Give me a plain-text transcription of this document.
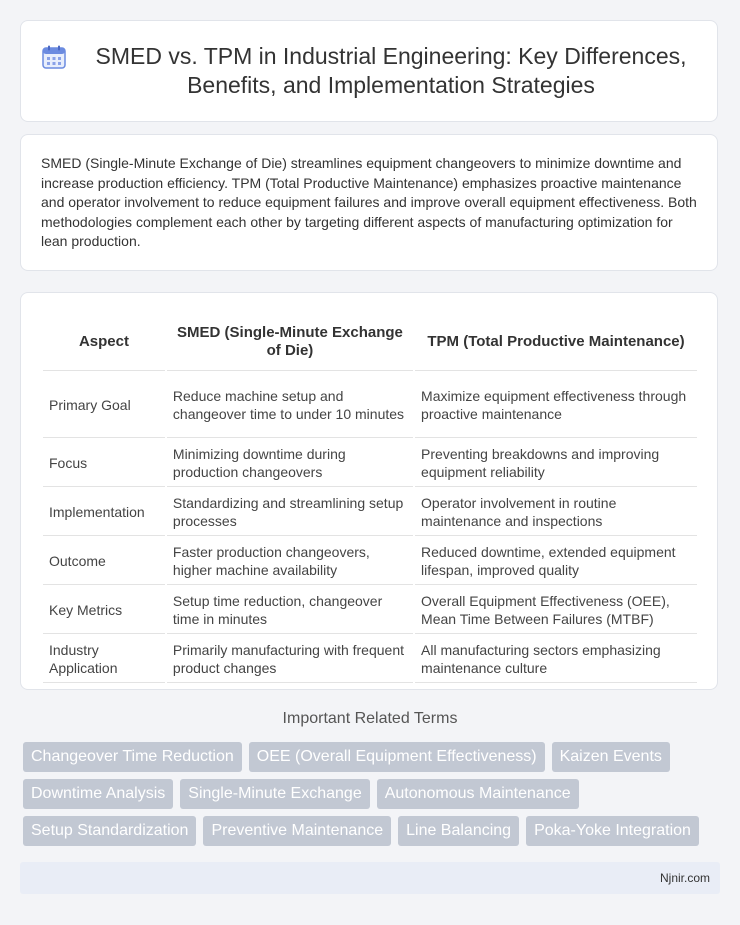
SMED vs. TPM in Industrial Engineering: Key Differences, Benefits, and Implementation Strategies

SMED (Single-Minute Exchange of Die) streamlines equipment changeovers to minimize downtime and increase production efficiency. TPM (Total Productive Maintenance) emphasizes proactive maintenance and operator involvement to reduce equipment failures and improve overall equipment effectiveness. Both methodologies complement each other by targeting different aspects of manufacturing optimization for lean production.

Aspect	SMED (Single-Minute Exchange of Die)	TPM (Total Productive Maintenance)
Primary Goal	Reduce machine setup and changeover time to under 10 minutes	Maximize equipment effectiveness through proactive maintenance
Focus	Minimizing downtime during production changeovers	Preventing breakdowns and improving equipment reliability
Implementation	Standardizing and streamlining setup processes	Operator involvement in routine maintenance and inspections
Outcome	Faster production changeovers, higher machine availability	Reduced downtime, extended equipment lifespan, improved quality
Key Metrics	Setup time reduction, changeover time in minutes	Overall Equipment Effectiveness (OEE), Mean Time Between Failures (MTBF)
Industry Application	Primarily manufacturing with frequent product changes	All manufacturing sectors emphasizing maintenance culture
Important Related Terms
Changeover Time Reduction	OEE (Overall Equipment Effectiveness)	Kaizen Events
Downtime Analysis	Single-Minute Exchange	Autonomous Maintenance
Setup Standardization	Preventive Maintenance	Line Balancing	Poka-Yoke Integration
Njnir.com
